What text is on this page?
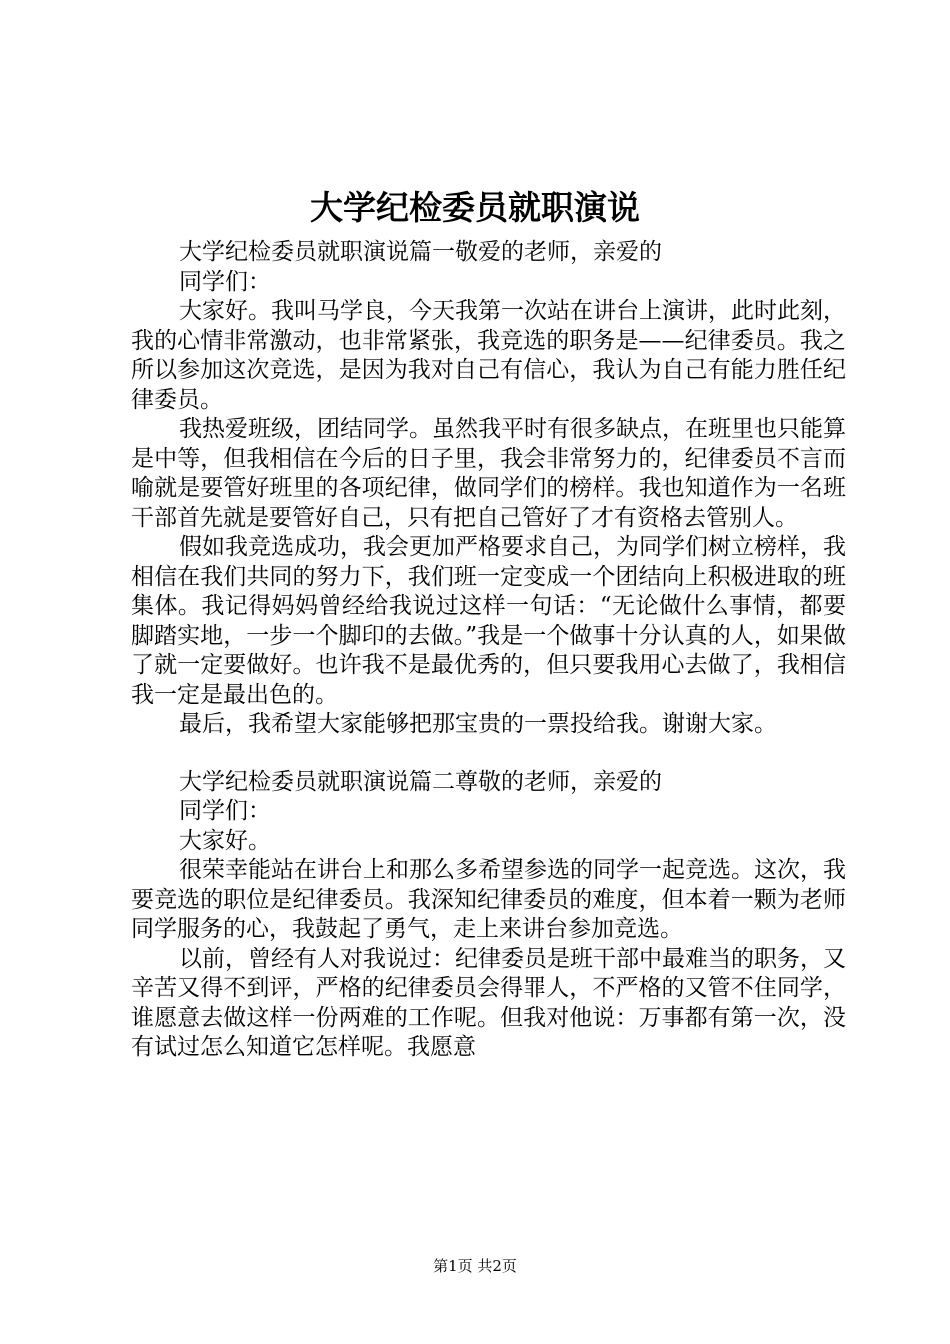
大学纪检委员就职演说

大学纪检委员就职演说篇一敬爱的老师，亲爱的

同学们：

大家好。我叫马学良，今天我第一次站在讲台上演讲，此时此刻，我的心情非常激动，也非常紧张，我竞选的职务是——纪律委员。我之所以参加这次竞选，是因为我对自己有信心，我认为自己有能力胜任纪律委员。

我热爱班级，团结同学。虽然我平时有很多缺点，在班里也只能算是中等，但我相信在今后的日子里，我会非常努力的，纪律委员不言而喻就是要管好班里的各项纪律，做同学们的榜样。我也知道作为一名班干部首先就是要管好自己，只有把自己管好了才有资格去管别人。

假如我竞选成功，我会更加严格要求自己，为同学们树立榜样，我相信在我们共同的努力下，我们班一定变成一个团结向上积极进取的班集体。我记得妈妈曾经给我说过这样一句话：“无论做什么事情，都要脚踏实地，一步一个脚印的去做。”我是一个做事十分认真的人，如果做了就一定要做好。也许我不是最优秀的，但只要我用心去做了，我相信我一定是最出色的。

最后，我希望大家能够把那宝贵的一票投给我。谢谢大家。

大学纪检委员就职演说篇二尊敬的老师，亲爱的

同学们：

大家好。

很荣幸能站在讲台上和那么多希望参选的同学一起竞选。这次，我要竞选的职位是纪律委员。我深知纪律委员的难度，但本着一颗为老师同学服务的心，我鼓起了勇气，走上来讲台参加竞选。

以前，曾经有人对我说过：纪律委员是班干部中最难当的职务，又辛苦又得不到评，严格的纪律委员会得罪人，不严格的又管不住同学，谁愿意去做这样一份两难的工作呢。但我对他说：万事都有第一次，没有试过怎么知道它怎样呢。我愿意

第1页 共2页
